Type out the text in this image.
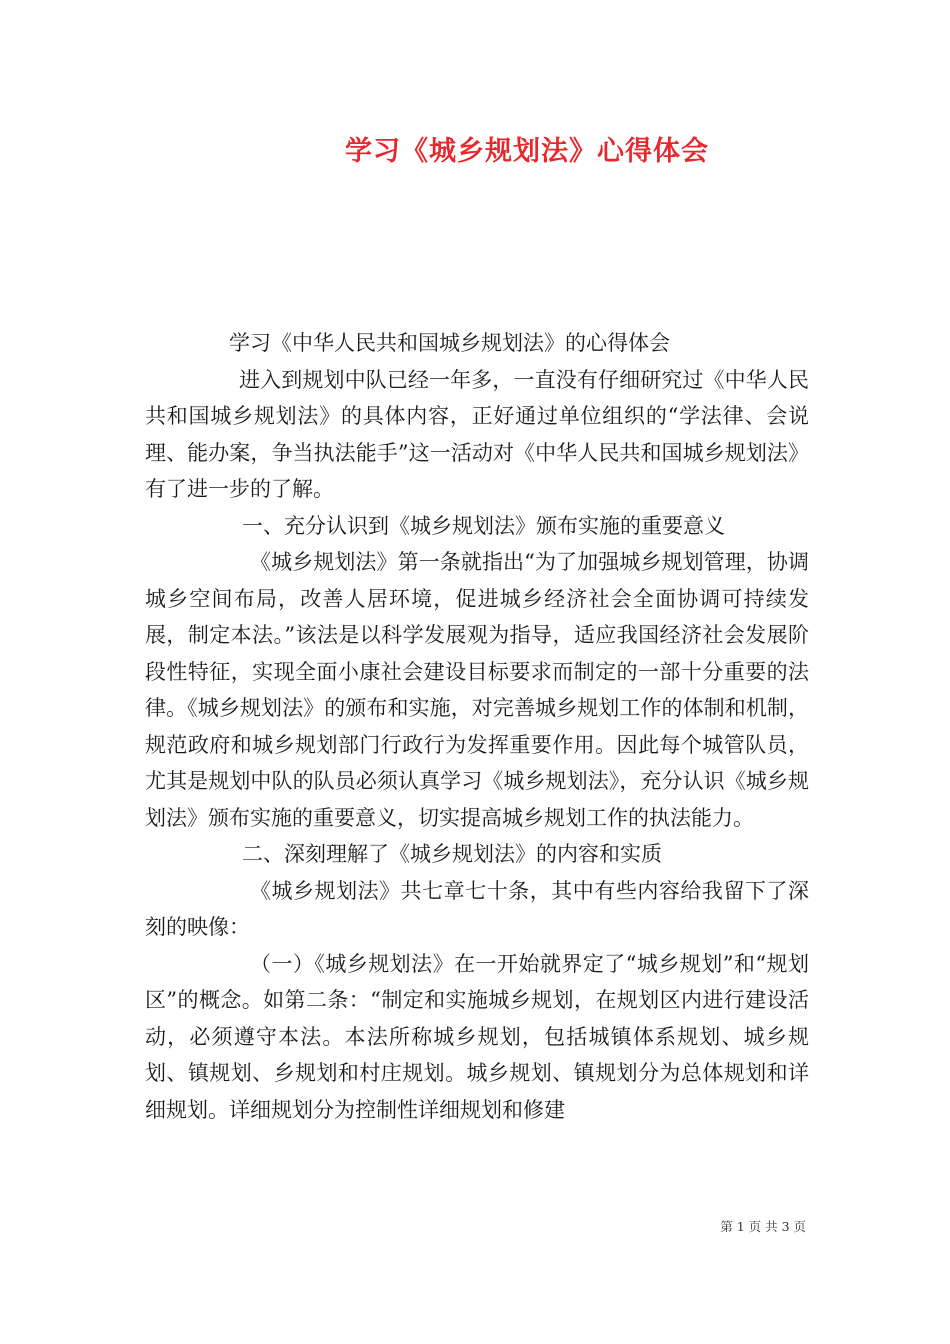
学习《城乡规划法》心得体会

学习《中华人民共和国城乡规划法》的心得体会

进入到规划中队已经一年多，一直没有仔细研究过《中华人民共和国城乡规划法》的具体内容，正好通过单位组织的“学法律、会说理、能办案，争当执法能手”这一活动对《中华人民共和国城乡规划法》有了进一步的了解。

一、充分认识到《城乡规划法》颁布实施的重要意义

《城乡规划法》第一条就指出“为了加强城乡规划管理，协调城乡空间布局，改善人居环境，促进城乡经济社会全面协调可持续发展，制定本法。”该法是以科学发展观为指导，适应我国经济社会发展阶段性特征，实现全面小康社会建设目标要求而制定的一部十分重要的法律。《城乡规划法》的颁布和实施，对完善城乡规划工作的体制和机制，规范政府和城乡规划部门行政行为发挥重要作用。因此每个城管队员，尤其是规划中队的队员必须认真学习《城乡规划法》，充分认识《城乡规划法》颁布实施的重要意义，切实提高城乡规划工作的执法能力。

二、深刻理解了《城乡规划法》的内容和实质

《城乡规划法》共七章七十条，其中有些内容给我留下了深刻的映像：

（一）《城乡规划法》在一开始就界定了“城乡规划”和“规划区”的概念。如第二条：“制定和实施城乡规划，在规划区内进行建设活动，必须遵守本法。本法所称城乡规划，包括城镇体系规划、城乡规划、镇规划、乡规划和村庄规划。城乡规划、镇规划分为总体规划和详细规划。详细规划分为控制性详细规划和修建

第 1 页 共 3 页
